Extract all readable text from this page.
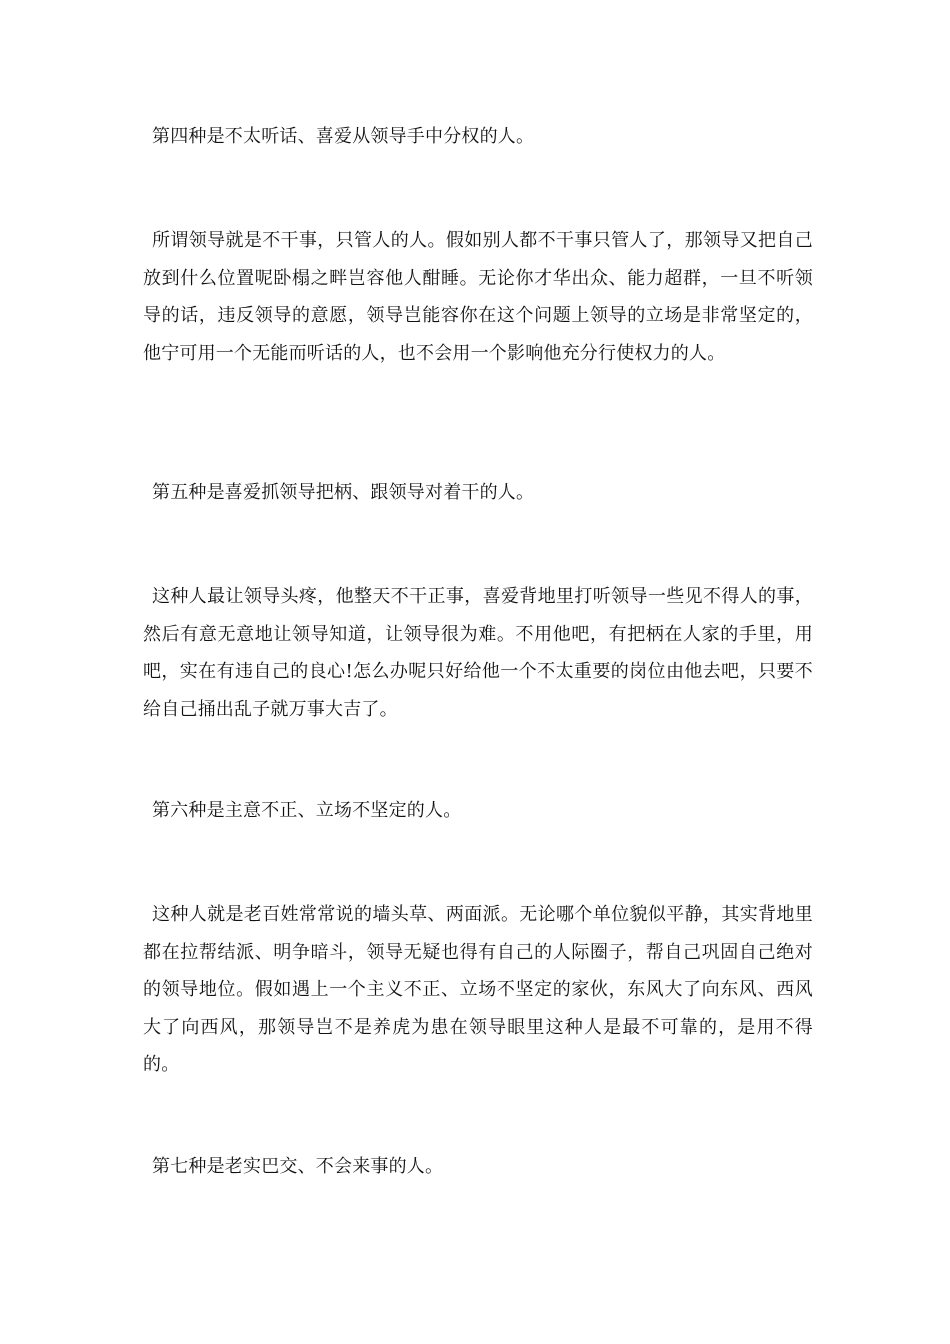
第四种是不太听话、喜爱从领导手中分权的人。

所谓领导就是不干事，只管人的人。假如别人都不干事只管人了，那领导又把自己放到什么位置呢卧榻之畔岂容他人酣睡。无论你才华出众、能力超群，一旦不听领导的话，违反领导的意愿，领导岂能容你在这个问题上领导的立场是非常坚定的，他宁可用一个无能而听话的人，也不会用一个影响他充分行使权力的人。

第五种是喜爱抓领导把柄、跟领导对着干的人。

这种人最让领导头疼，他整天不干正事，喜爱背地里打听领导一些见不得人的事，然后有意无意地让领导知道，让领导很为难。不用他吧，有把柄在人家的手里，用吧，实在有违自己的良心!怎么办呢只好给他一个不太重要的岗位由他去吧，只要不给自己捅出乱子就万事大吉了。

第六种是主意不正、立场不坚定的人。

这种人就是老百姓常常说的墙头草、两面派。无论哪个单位貌似平静，其实背地里都在拉帮结派、明争暗斗，领导无疑也得有自己的人际圈子，帮自己巩固自己绝对的领导地位。假如遇上一个主义不正、立场不坚定的家伙，东风大了向东风、西风大了向西风，那领导岂不是养虎为患在领导眼里这种人是最不可靠的，是用不得的。

第七种是老实巴交、不会来事的人。
